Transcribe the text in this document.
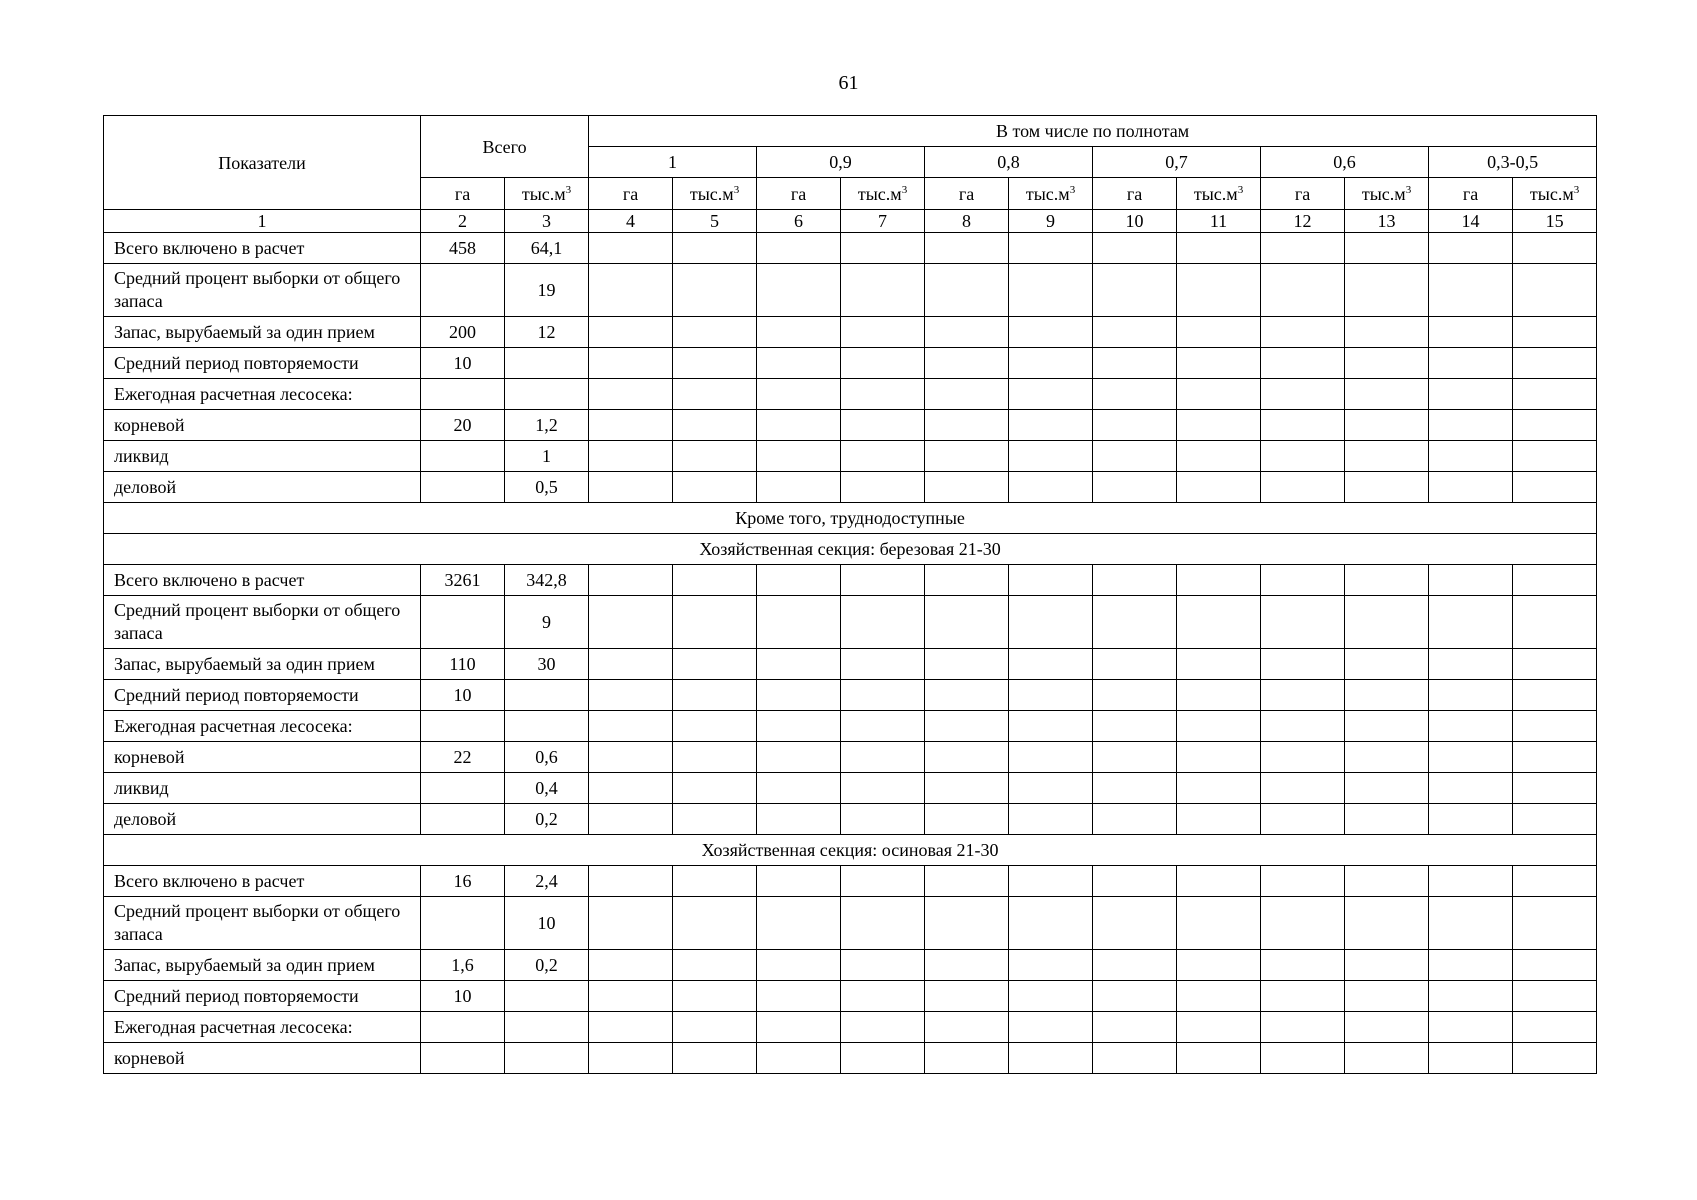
61
Показатели	Всего		В том числе по полнотам											
			1		0,9		0,8		0,7		0,6		0,3-0,5	
	га	$тыс.м^3$	га	$тыс.м^3$	га	$тыс.м^3$	га	$тыс.м^3$	га	$тыс.м^3$	га	$тыс.м^3$	га	$тыс.м^3$
1	2	3	4	5	6	7	8	9	10	11	12	13	14	15
Всего включено в расчет	458	64,1												
Средний процент выборки от общего запаса		19												
Запас, вырубаемый за один прием	200	12												
Средний период повторяемости	10													
Ежегодная расчетная лесосека:														
корневой	20	1,2												
ликвид		1												
деловой		0,5												
Кроме того, труднодоступные														
Хозяйственная секция: березовая 21-30														
Всего включено в расчет	3261	342,8												
Средний процент выборки от общего запаса		9												
Запас, вырубаемый за один прием	110	30												
Средний период повторяемости	10													
Ежегодная расчетная лесосека:														
корневой	22	0,6												
ликвид		0,4												
деловой		0,2												
Хозяйственная секция: осиновая 21-30														
Всего включено в расчет	16	2,4												
Средний процент выборки от общего запаса		10												
Запас, вырубаемый за один прием	1,6	0,2												
Средний период повторяемости	10													
Ежегодная расчетная лесосека:														
корневой														
